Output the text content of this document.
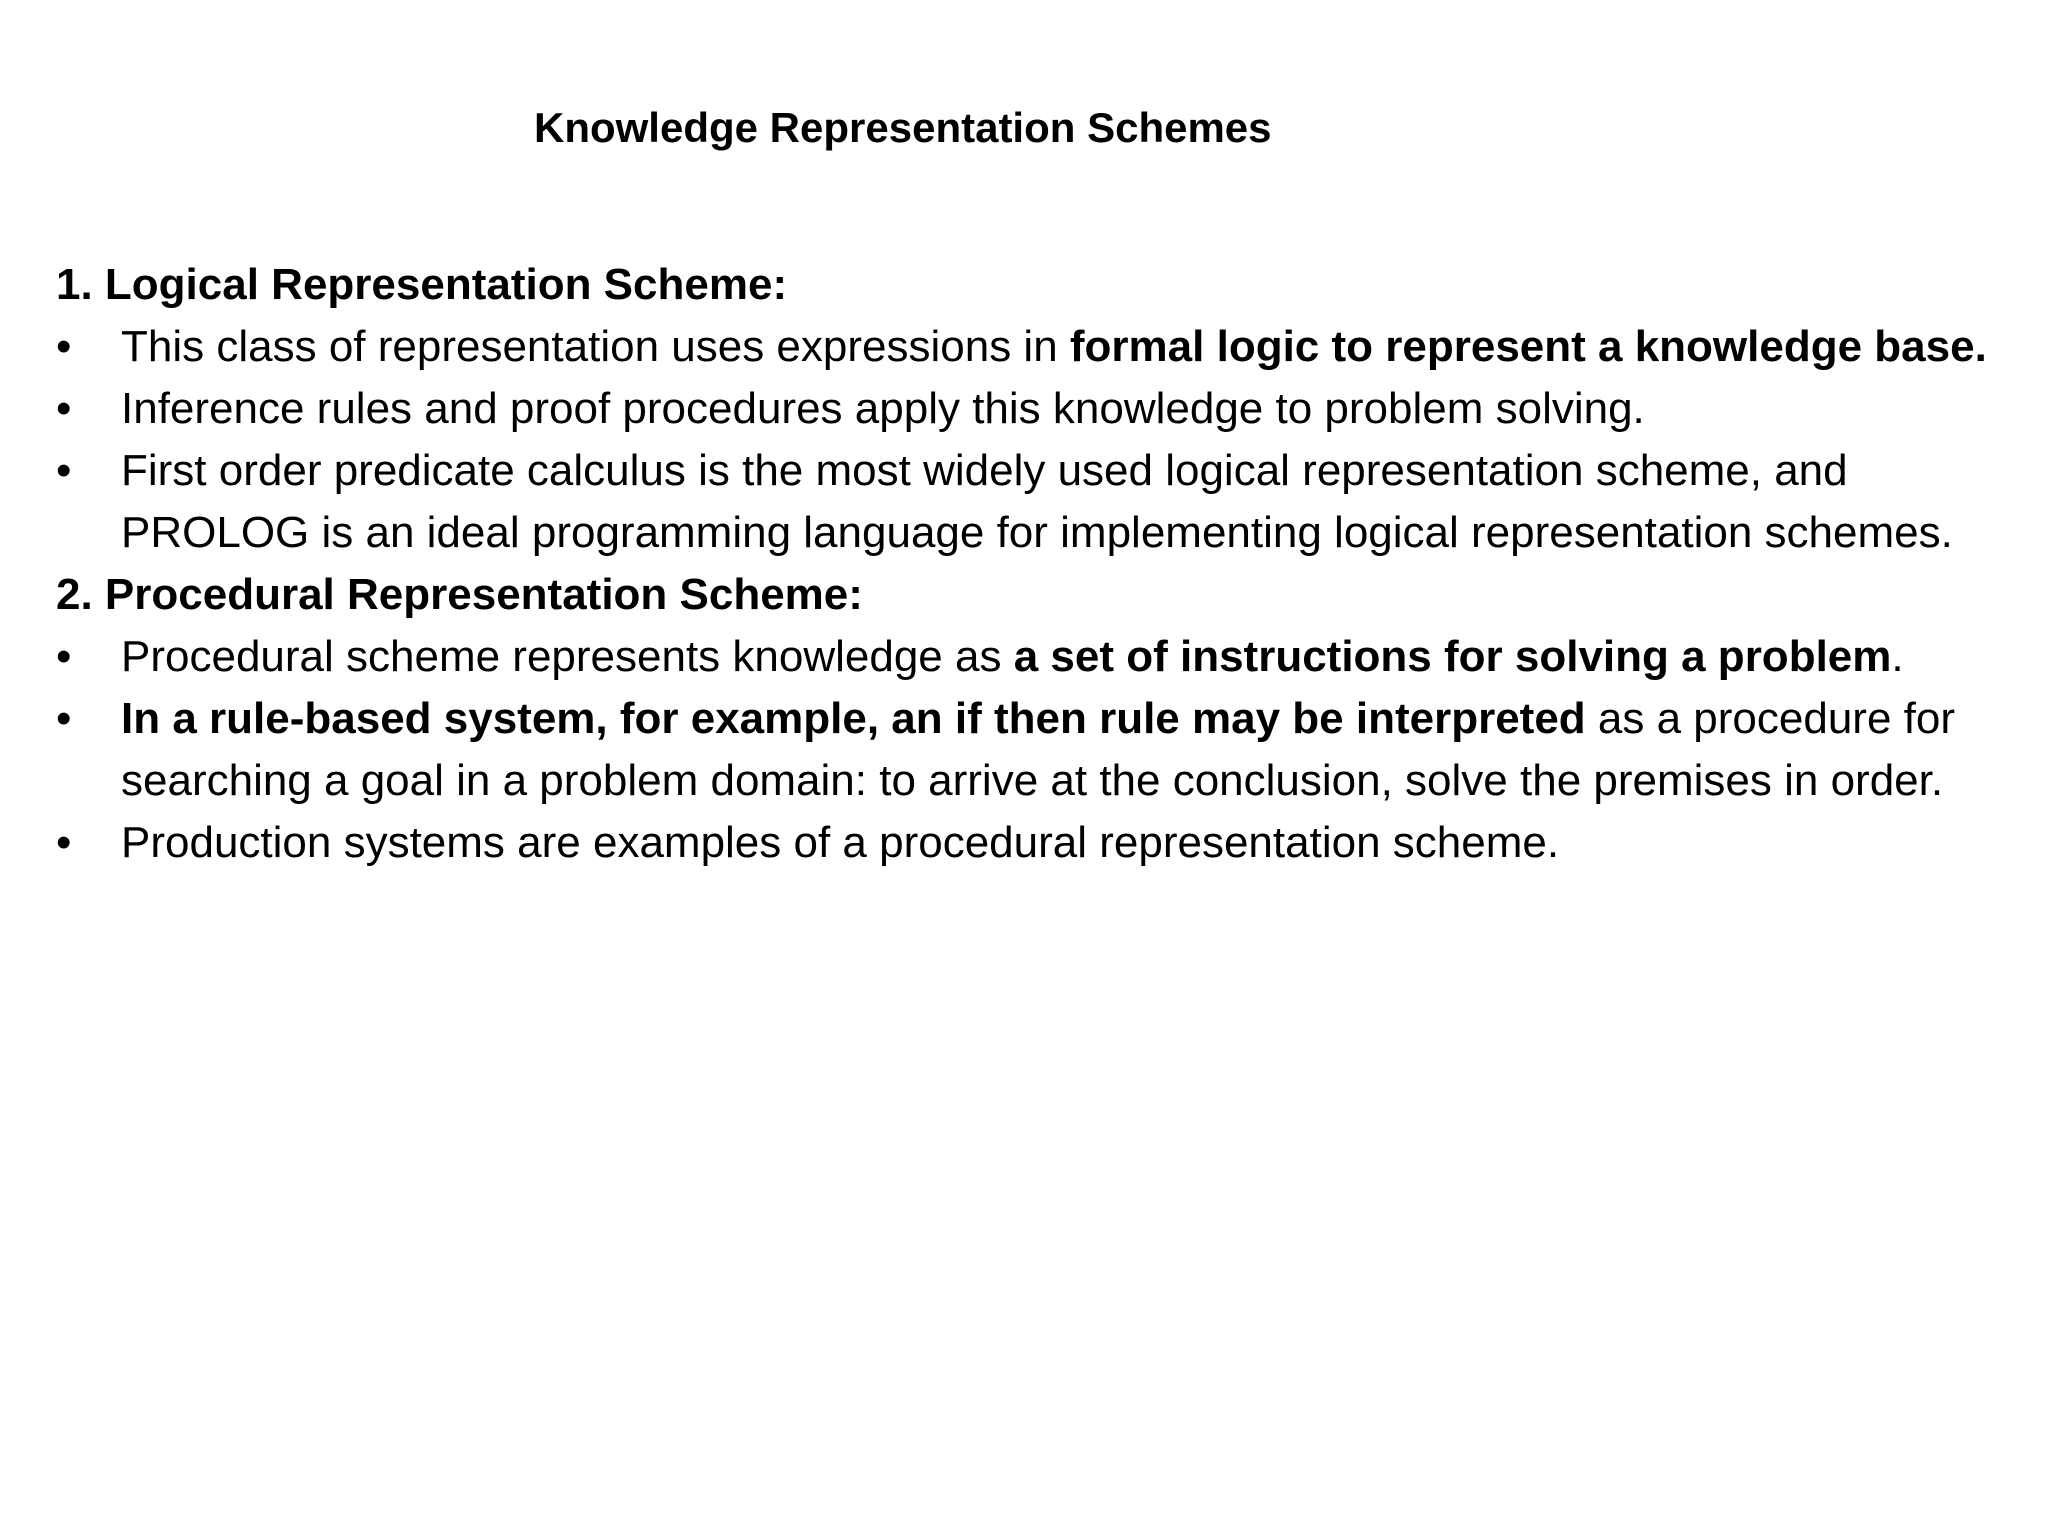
Knowledge Representation Schemes

1. Logical Representation Scheme:

•	This class of representation uses expressions in formal logic to represent a knowledge base.
•	Inference rules and proof procedures apply this knowledge to problem solving.
•	First order predicate calculus is the most widely used logical representation scheme, and PROLOG is an ideal programming language for implementing logical representation schemes.

2. Procedural Representation Scheme:

•	Procedural scheme represents knowledge as a set of instructions for solving a problem.
•	In a rule-based system, for example, an if then rule may be interpreted as a procedure for searching a goal in a problem domain: to arrive at the conclusion, solve the premises in order.
•	Production systems are examples of a procedural representation scheme.
